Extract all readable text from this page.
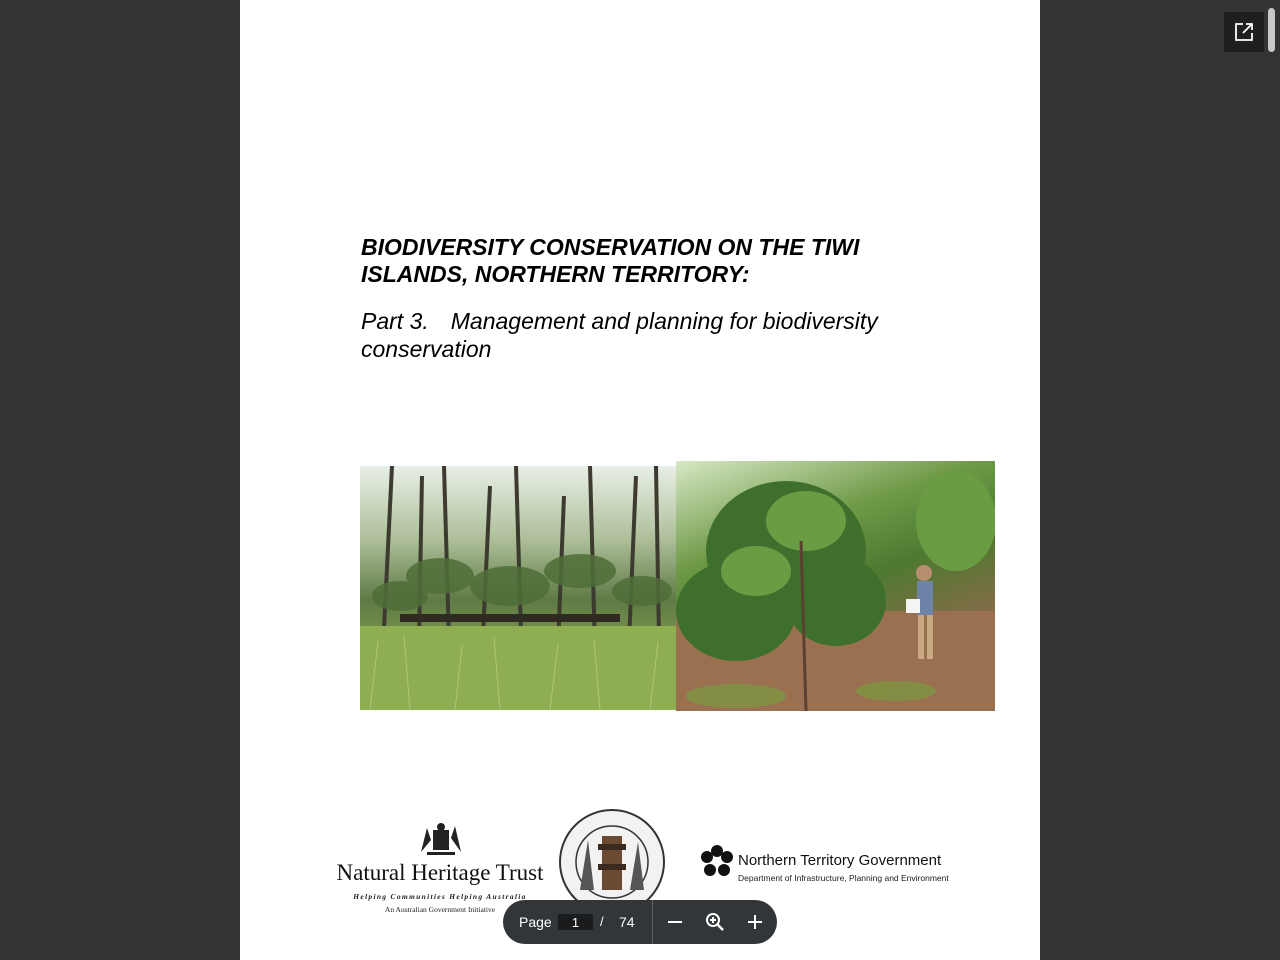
BIODIVERSITY CONSERVATION ON THE TIWI ISLANDS, NORTHERN TERRITORY:
Part 3. Management and planning for biodiversity conservation
Natural Heritage Trust
Helping Communities Helping Australia
An Australian Government Initiative
Northern Territory Government
Department of Infrastructure, Planning and Environment
Page
1	/ 74
